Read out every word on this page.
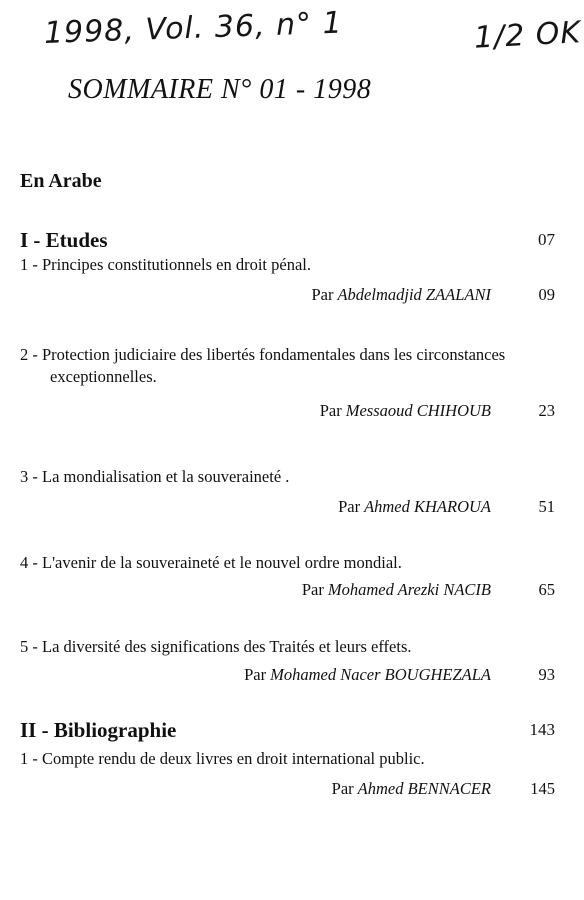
1998, Vol. 36, n° 1	1/2 OK
SOMMAIRE N° 01 - 1998
En Arabe
I - Etudes	07
1 - Principes constitutionnels en droit pénal.
Par Abdelmadjid ZAALANI	09
2 - Protection judiciaire des libertés fondamentales dans les circonstances exceptionnelles.
Par Messaoud CHIHOUB	23
3 - La mondialisation et la souveraineté .
Par Ahmed KHAROUA	51
4 - L'avenir de la souveraineté et le nouvel ordre mondial.
Par Mohamed Arezki NACIB	65
5 - La diversité des significations des Traités et leurs effets.
Par Mohamed Nacer BOUGHEZALA	93
II - Bibliographie	143
1 - Compte rendu de deux livres en droit international public.
Par Ahmed BENNACER 145
